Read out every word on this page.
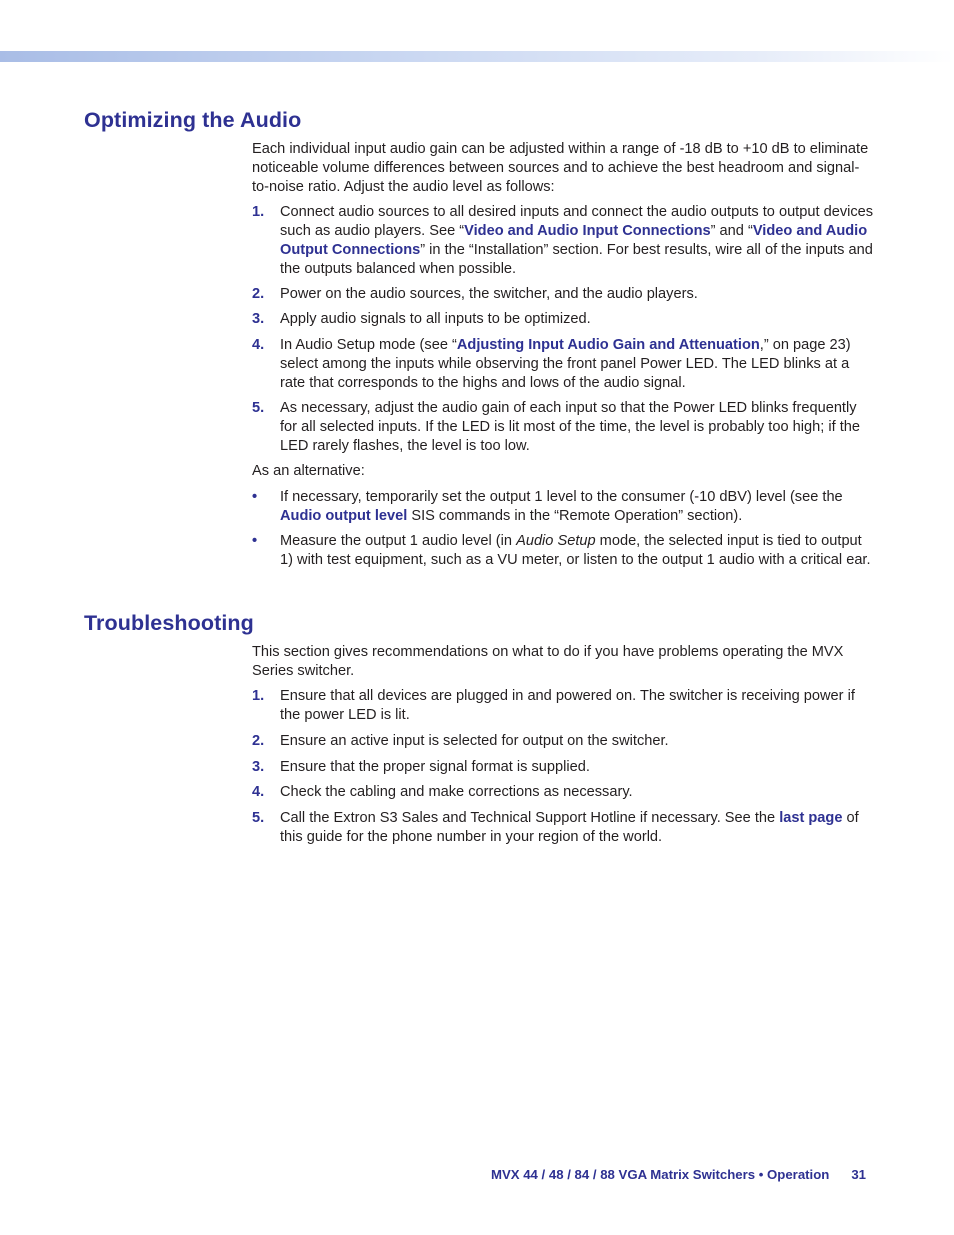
Optimizing the Audio

Each individual input audio gain can be adjusted within a range of -18 dB to +10 dB to eliminate noticeable volume differences between sources and to achieve the best headroom and signal-to-noise ratio. Adjust the audio level as follows:

1. Connect audio sources to all desired inputs and connect the audio outputs to output devices such as audio players. See “Video and Audio Input Connections” and “Video and Audio Output Connections” in the “Installation” section. For best results, wire all of the inputs and the outputs balanced when possible.
2. Power on the audio sources, the switcher, and the audio players.
3. Apply audio signals to all inputs to be optimized.
4. In Audio Setup mode (see “Adjusting Input Audio Gain and Attenuation,” on page 23) select among the inputs while observing the front panel Power LED. The LED blinks at a rate that corresponds to the highs and lows of the audio signal.
5. As necessary, adjust the audio gain of each input so that the Power LED blinks frequently for all selected inputs. If the LED is lit most of the time, the level is probably too high; if the LED rarely flashes, the level is too low.

As an alternative:

• If necessary, temporarily set the output 1 level to the consumer (-10 dBV) level (see the Audio output level SIS commands in the “Remote Operation” section).
• Measure the output 1 audio level (in Audio Setup mode, the selected input is tied to output 1) with test equipment, such as a VU meter, or listen to the output 1 audio with a critical ear.
Troubleshooting

This section gives recommendations on what to do if you have problems operating the MVX Series switcher.

1. Ensure that all devices are plugged in and powered on. The switcher is receiving power if the power LED is lit.
2. Ensure an active input is selected for output on the switcher.
3. Ensure that the proper signal format is supplied.
4. Check the cabling and make corrections as necessary.
5. Call the Extron S3 Sales and Technical Support Hotline if necessary. See the last page of this guide for the phone number in your region of the world.
MVX 44 / 48 / 84 / 88 VGA Matrix Switchers • Operation 31
